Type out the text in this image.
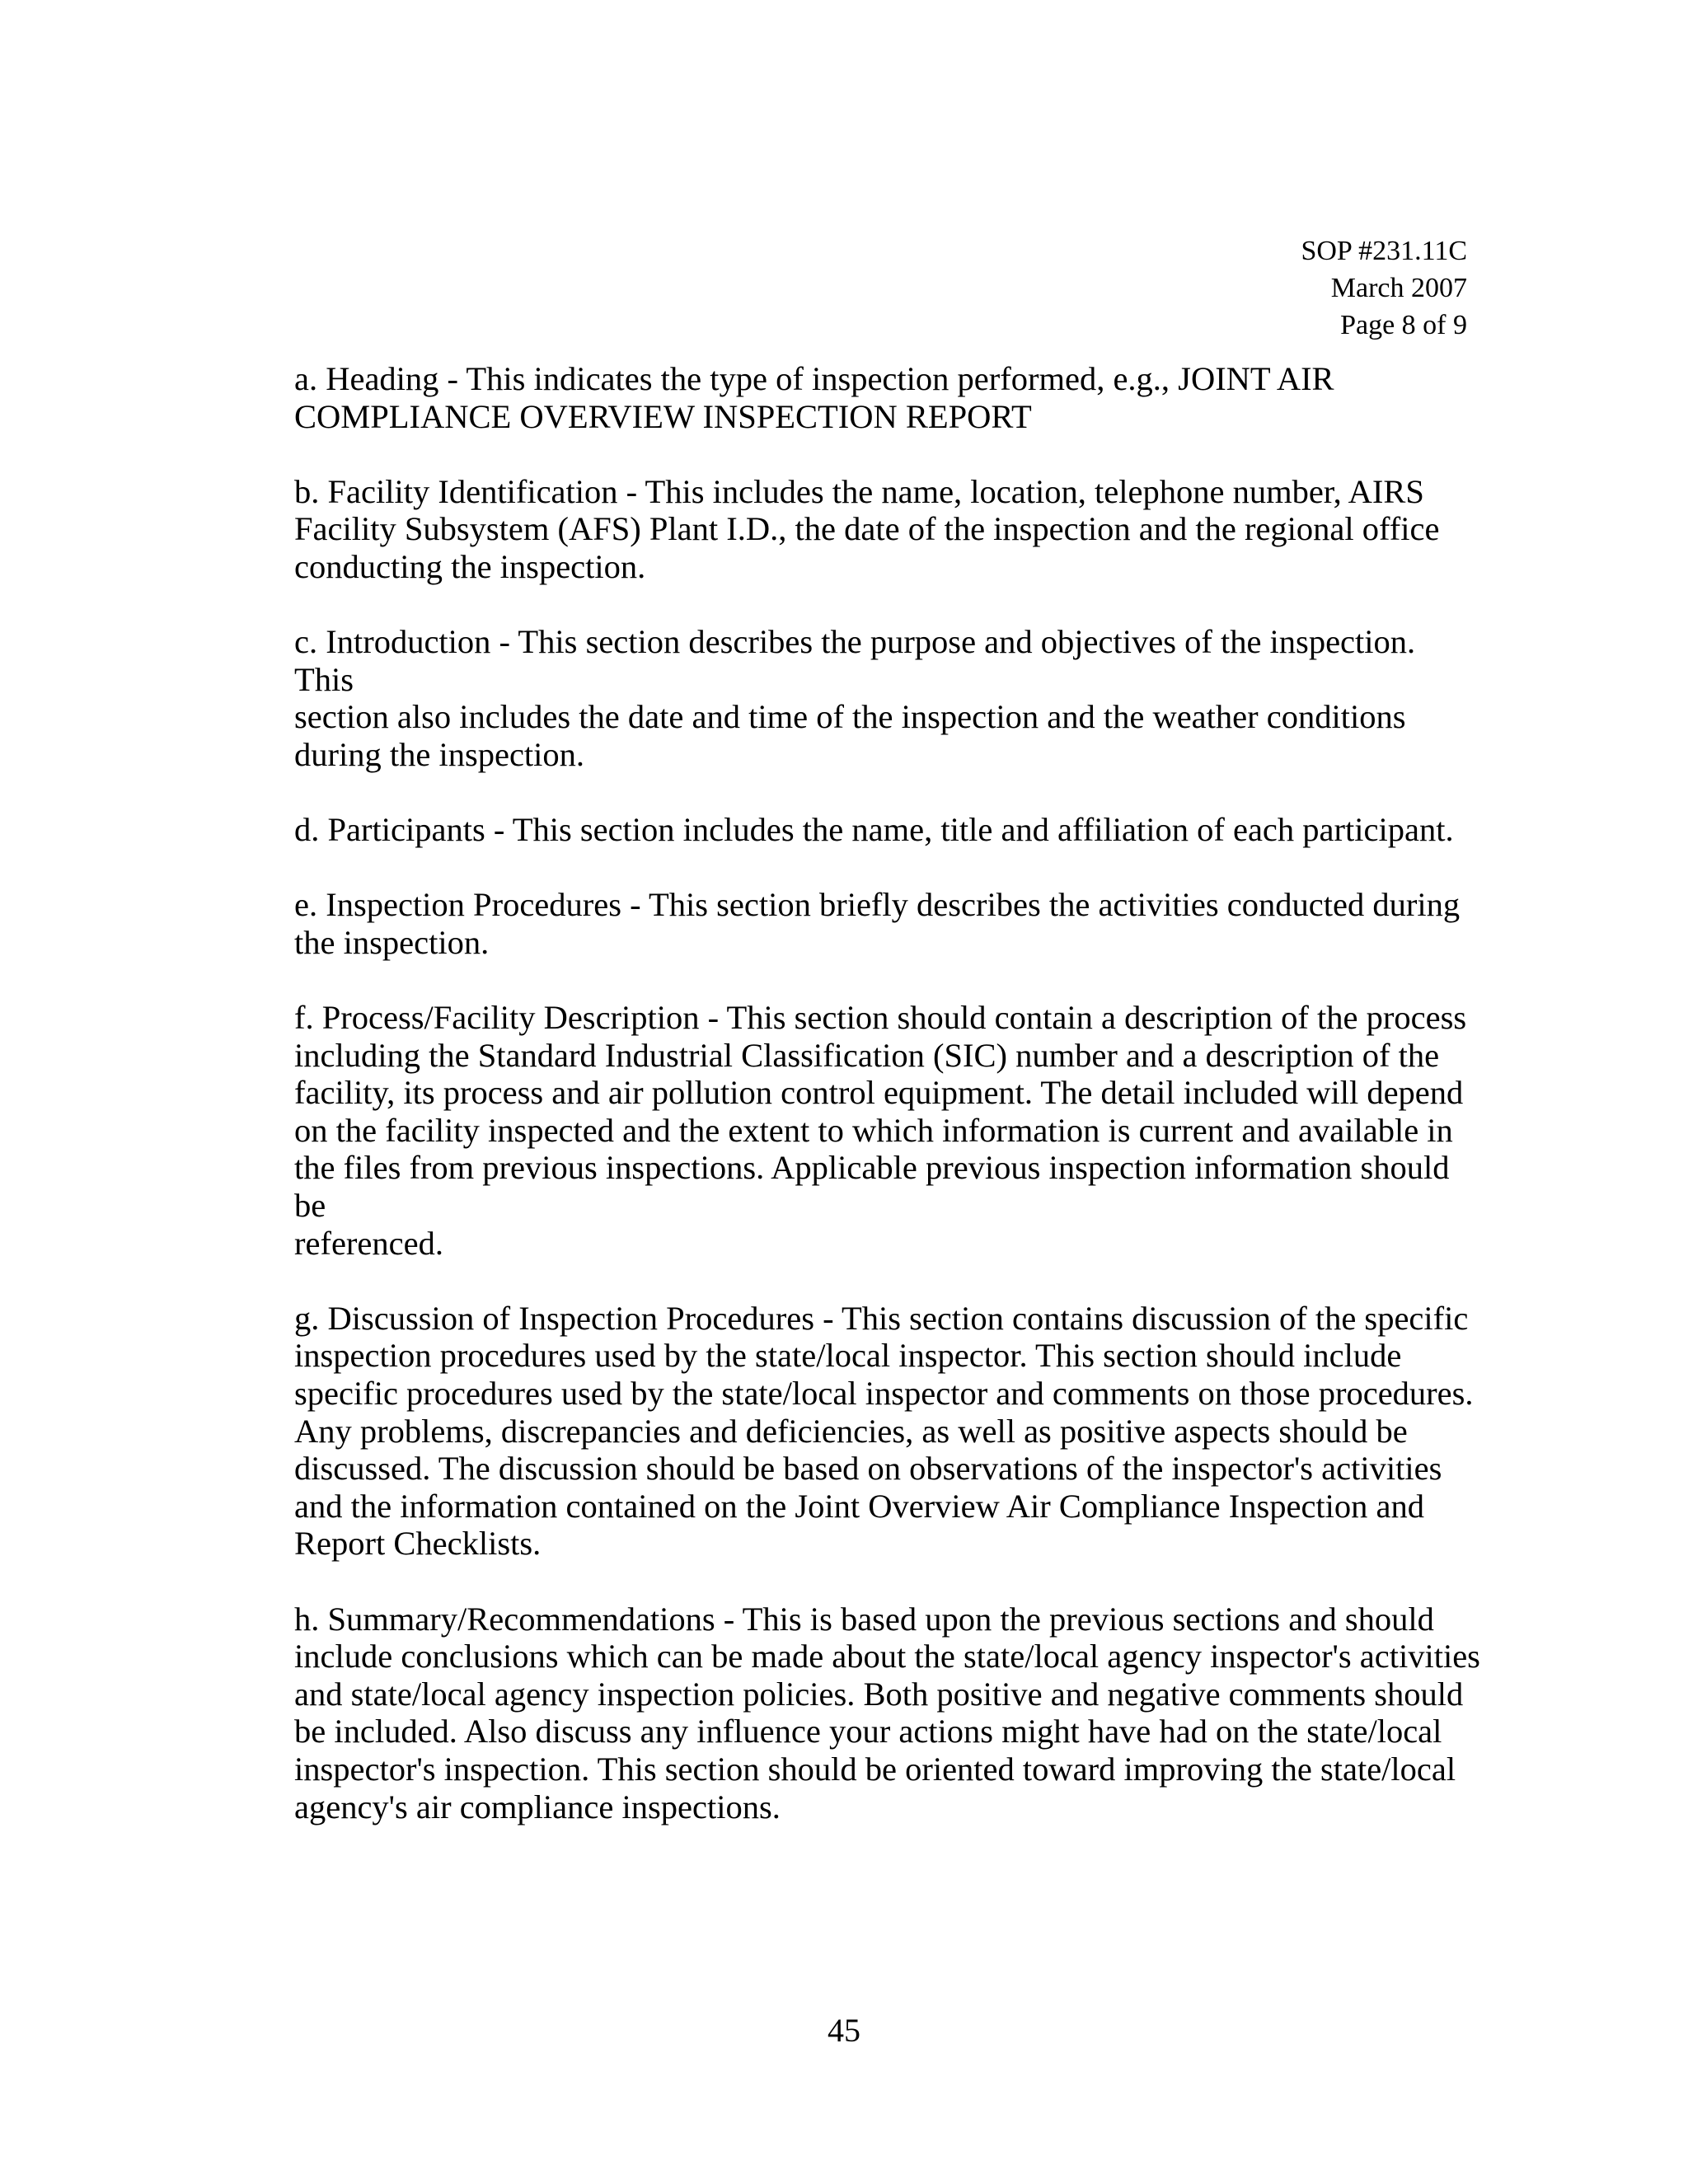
SOP #231.11C
March 2007
Page 8 of 9

a. Heading - This indicates the type of inspection performed, e.g., JOINT AIR
COMPLIANCE OVERVIEW INSPECTION REPORT

b. Facility Identification - This includes the name, location, telephone number, AIRS
Facility Subsystem (AFS) Plant I.D., the date of the inspection and the regional office
conducting the inspection.

c. Introduction - This section describes the purpose and objectives of the inspection. This
section also includes the date and time of the inspection and the weather conditions
during the inspection.

d. Participants - This section includes the name, title and affiliation of each participant.

e. Inspection Procedures - This section briefly describes the activities conducted during
the inspection.

f. Process/Facility Description - This section should contain a description of the process
including the Standard Industrial Classification (SIC) number and a description of the
facility, its process and air pollution control equipment. The detail included will depend
on the facility inspected and the extent to which information is current and available in
the files from previous inspections. Applicable previous inspection information should be
referenced.

g. Discussion of Inspection Procedures - This section contains discussion of the specific
inspection procedures used by the state/local inspector. This section should include
specific procedures used by the state/local inspector and comments on those procedures.
Any problems, discrepancies and deficiencies, as well as positive aspects should be
discussed. The discussion should be based on observations of the inspector's activities
and the information contained on the Joint Overview Air Compliance Inspection and
Report Checklists.

h. Summary/Recommendations - This is based upon the previous sections and should
include conclusions which can be made about the state/local agency inspector's activities
and state/local agency inspection policies. Both positive and negative comments should
be included. Also discuss any influence your actions might have had on the state/local
inspector's inspection. This section should be oriented toward improving the state/local
agency's air compliance inspections.

45
